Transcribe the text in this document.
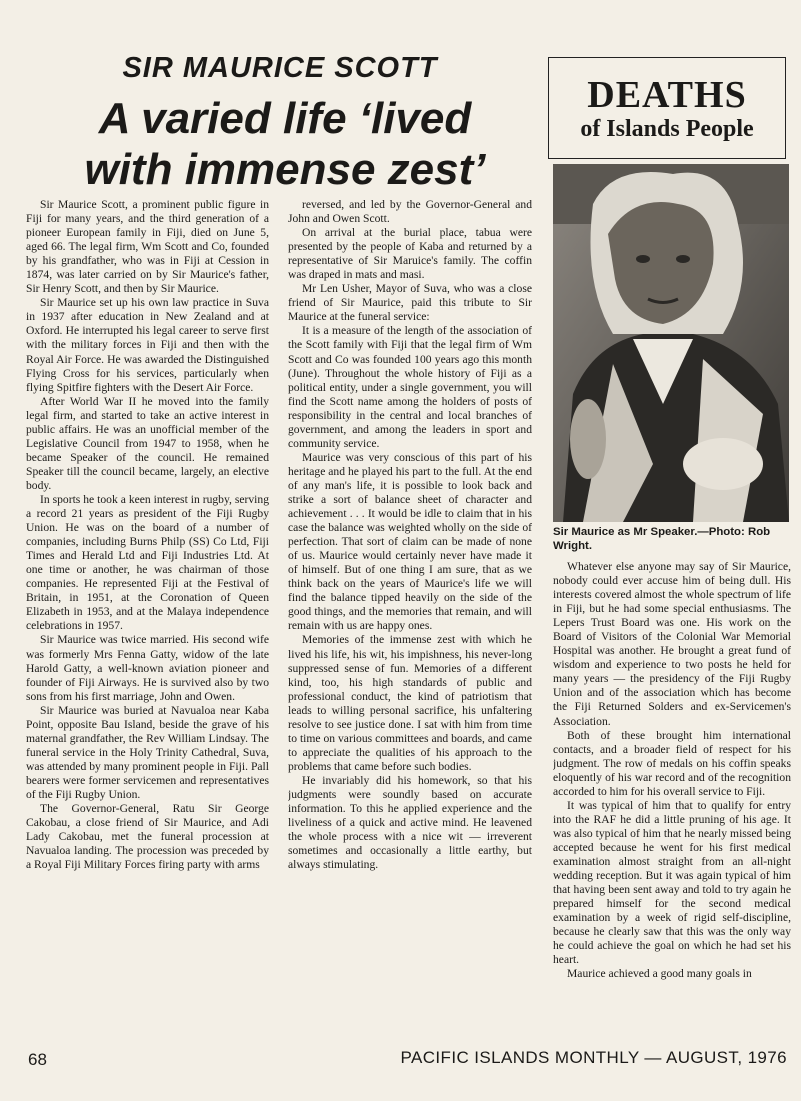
SIR MAURICE SCOTT
A varied life ‘lived
with immense zest’
DEATHS
of Islands People
Sir Maurice as Mr Speaker.—Photo: Rob Wright.

Sir Maurice Scott, a prominent public figure in Fiji for many years, and the third generation of a pioneer European family in Fiji, died on June 5, aged 66. The legal firm, Wm Scott and Co, founded by his grandfather, who was in Fiji at Cession in 1874, was later carried on by Sir Maurice's father, Sir Henry Scott, and then by Sir Maurice.

Sir Maurice set up his own law practice in Suva in 1937 after education in New Zealand and at Oxford. He interrupted his legal career to serve first with the military forces in Fiji and then with the Royal Air Force. He was awarded the Distinguished Flying Cross for his services, particularly when flying Spitfire fighters with the Desert Air Force.

After World War II he moved into the family legal firm, and started to take an active interest in public affairs. He was an unofficial member of the Legislative Council from 1947 to 1958, when he became Speaker of the council. He remained Speaker till the council became, largely, an elective body.

In sports he took a keen interest in rugby, serving a record 21 years as president of the Fiji Rugby Union. He was on the board of a number of companies, including Burns Philp (SS) Co Ltd, Fiji Times and Herald Ltd and Fiji Industries Ltd. At one time or another, he was chairman of those companies. He represented Fiji at the Festival of Britain, in 1951, at the Coronation of Queen Elizabeth in 1953, and at the Malaya independence celebrations in 1957.

Sir Maurice was twice married. His second wife was formerly Mrs Fenna Gatty, widow of the late Harold Gatty, a well-known aviation pioneer and founder of Fiji Airways. He is survived also by two sons from his first marriage, John and Owen.

Sir Maurice was buried at Navualoa near Kaba Point, opposite Bau Island, beside the grave of his maternal grandfather, the Rev William Lindsay. The funeral service in the Holy Trinity Cathedral, Suva, was attended by many prominent people in Fiji. Pall bearers were former servicemen and representatives of the Fiji Rugby Union.

The Governor-General, Ratu Sir George Cakobau, a close friend of Sir Maurice, and Adi Lady Cakobau, met the funeral procession at Navualoa landing. The procession was preceded by a Royal Fiji Military Forces firing party with arms

reversed, and led by the Governor-General and John and Owen Scott.

On arrival at the burial place, tabua were presented by the people of Kaba and returned by a representative of Sir Maruice's family. The coffin was draped in mats and masi.

Mr Len Usher, Mayor of Suva, who was a close friend of Sir Maurice, paid this tribute to Sir Maurice at the funeral service:

It is a measure of the length of the association of the Scott family with Fiji that the legal firm of Wm Scott and Co was founded 100 years ago this month (June). Throughout the whole history of Fiji as a political entity, under a single government, you will find the Scott name among the holders of posts of responsibility in the central and local branches of government, and among the leaders in sport and community service.

Maurice was very conscious of this part of his heritage and he played his part to the full. At the end of any man's life, it is possible to look back and strike a sort of balance sheet of character and achievement . . . It would be idle to claim that in his case the balance was weighted wholly on the side of perfection. That sort of claim can be made of none of us. Maurice would certainly never have made it of himself. But of one thing I am sure, that as we think back on the years of Maurice's life we will find the balance tipped heavily on the side of the good things, and the memories that remain, and will remain with us are happy ones.

Memories of the immense zest with which he lived his life, his wit, his impishness, his never-long suppressed sense of fun. Memories of a different kind, too, his high standards of public and professional conduct, the kind of patriotism that leads to willing personal sacrifice, his unfaltering resolve to see justice done. I sat with him from time to time on various committees and boards, and came to appreciate the qualities of his approach to the problems that came before such bodies.

He invariably did his homework, so that his judgments were soundly based on accurate information. To this he applied experience and the liveliness of a quick and active mind. He leavened the whole process with a nice wit — irreverent sometimes and occasionally a little earthy, but always stimulating.

Whatever else anyone may say of Sir Maurice, nobody could ever accuse him of being dull. His interests covered almost the whole spectrum of life in Fiji, but he had some special enthusiasms. The Lepers Trust Board was one. His work on the Board of Visitors of the Colonial War Memorial Hospital was another. He brought a great fund of wisdom and experience to two posts he held for many years — the presidency of the Fiji Rugby Union and of the association which has become the Fiji Returned Solders and ex-Servicemen's Association.

Both of these brought him international contacts, and a broader field of respect for his judgment. The row of medals on his coffin speaks eloquently of his war record and of the recognition accorded to him for his overall service to Fiji.

It was typical of him that to qualify for entry into the RAF he did a little pruning of his age. It was also typical of him that he nearly missed being accepted because he went for his first medical examination almost straight from an all-night wedding reception. But it was again typical of him that having been sent away and told to try again he prepared himself for the second medical examination by a week of rigid self-discipline, because he clearly saw that this was the only way he could achieve the goal on which he had set his heart.

Maurice achieved a good many goals in

68	PACIFIC ISLANDS MONTHLY — AUGUST, 1976
